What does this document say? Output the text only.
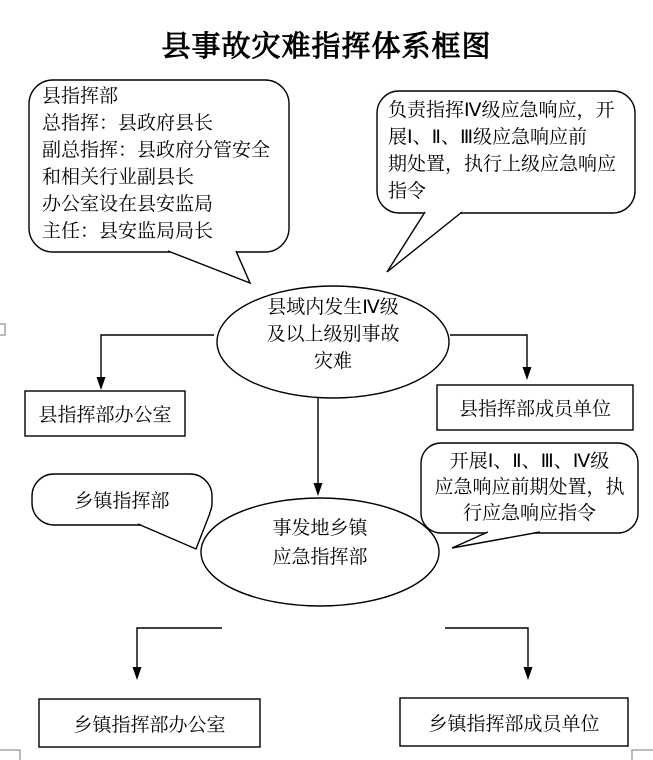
县事故灾难指挥体系框图
县指挥部
总指挥：县政府县长
副总指挥：县政府分管安全
和相关行业副县长
办公室设在县安监局
主任：县安监局局长
负责指挥Ⅳ级应急响应，开
展Ⅰ、Ⅱ、Ⅲ级应急响应前
期处置，执行上级应急响应
指令
县域内发生Ⅳ级
及以上级别事故
灾难
县指挥部办公室	县指挥部成员单位
开展Ⅰ、Ⅱ、Ⅲ、Ⅳ级
应急响应前期处置，执
行应急响应指令
乡镇指挥部
事发地乡镇
应急指挥部
乡镇指挥部办公室	乡镇指挥部成员单位
